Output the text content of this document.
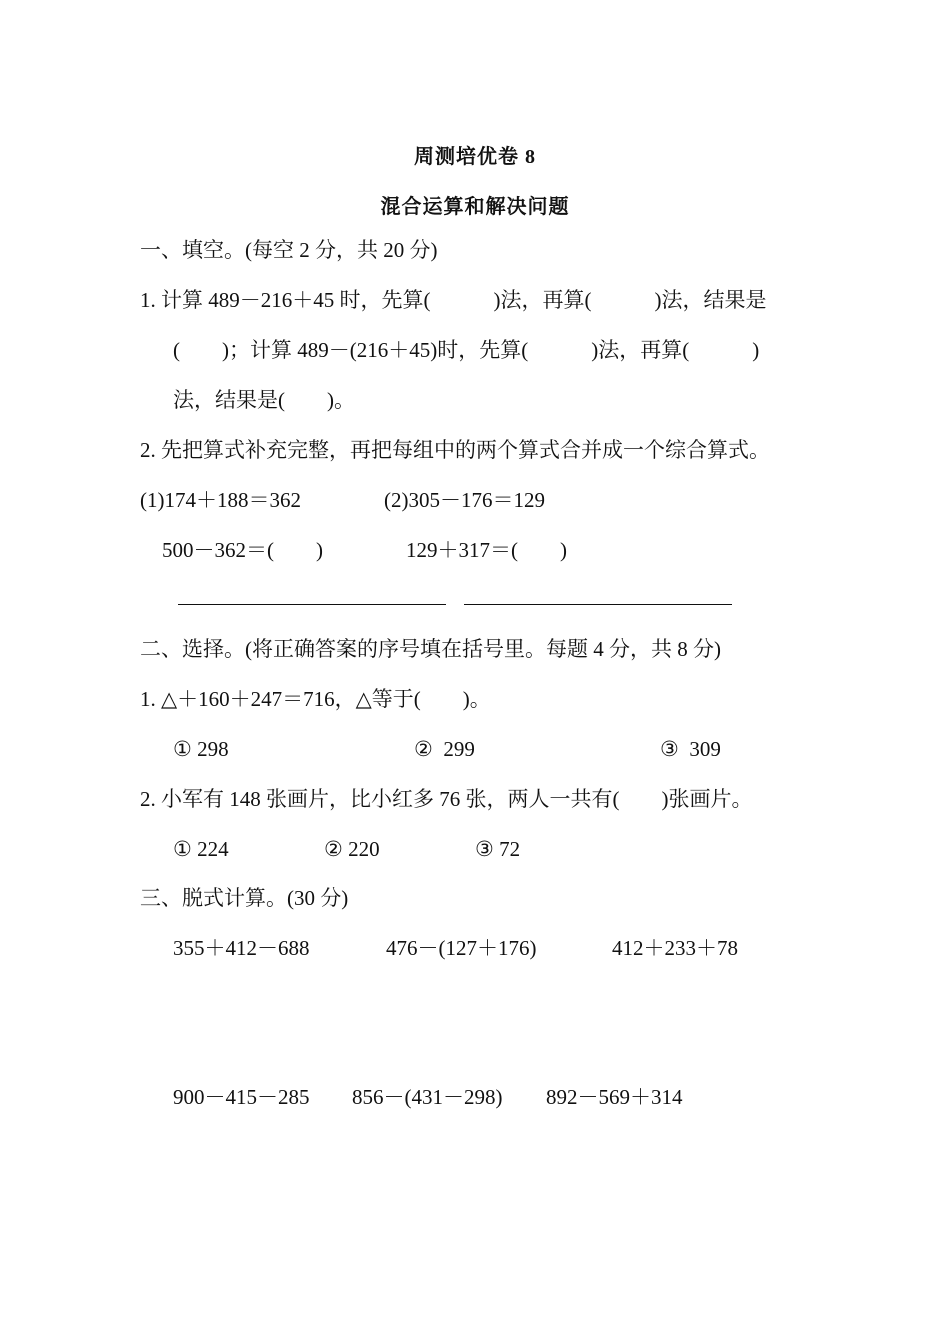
周测培优卷 8
混合运算和解决问题
一、填空。(每空 2 分，共 20 分)
1. 计算 489－216＋45 时，先算(            )法，再算(            )法，结果是
(        )；计算 489－(216＋45)时，先算(            )法，再算(            )
法，结果是(        )。
2. 先把算式补充完整，再把每组中的两个算式合并成一个综合算式。
(1)174＋188＝362	(2)305－176＝129
500－362＝(        )	129＋317＝(        )
二、选择。(将正确答案的序号填在括号里。每题 4 分，共 8 分)
1. △＋160＋247＝716，△等于(        )。
① 298	②  299	③  309
2. 小军有 148 张画片，比小红多 76 张，两人一共有(        )张画片。
① 224	② 220	③ 72
三、脱式计算。(30 分)
355＋412－688	476－(127＋176)	412＋233＋78
900－415－285 856－(431－298) 892－569＋314
